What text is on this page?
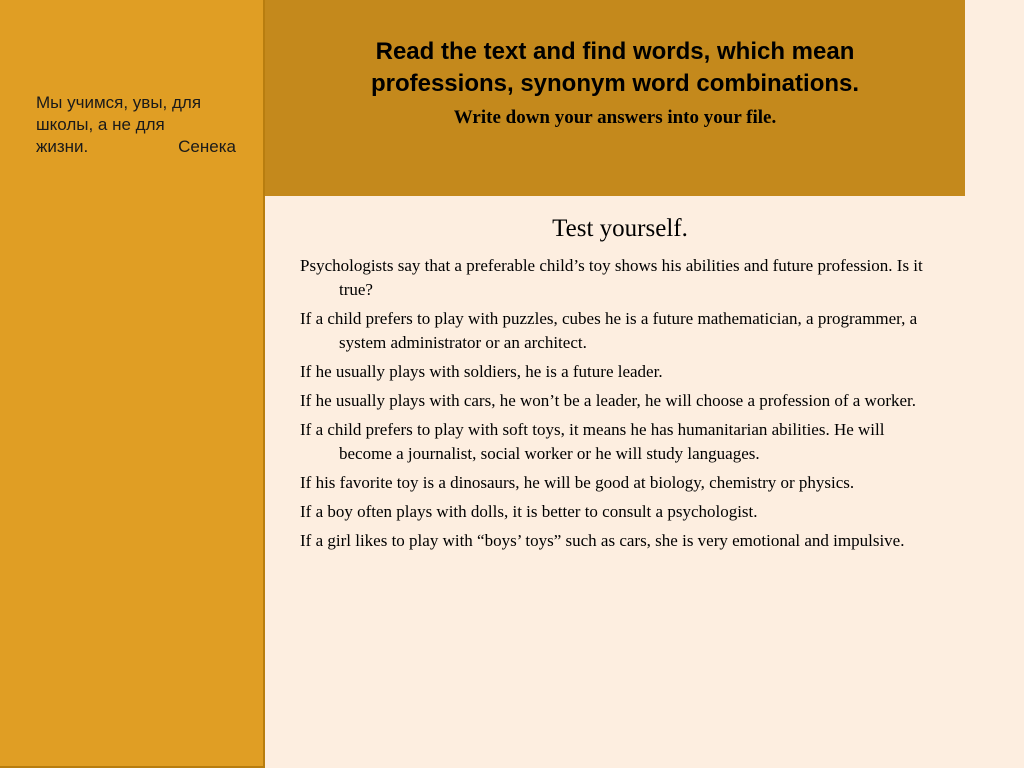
Мы учимся, увы, для
школы, а не для
жизни.	Сенека

Read the text and find words, which mean
professions, synonym word combinations.

Write down your answers into your file.

Test yourself.

Psychologists say that a preferable child’s toy shows his abilities and future profession. Is it true?

If a child prefers to play with puzzles, cubes he is a future mathematician, a programmer, a system administrator or an architect.

If he usually plays with soldiers, he is a future leader.

If he usually plays with cars, he won’t be a leader, he will choose a profession of a worker.

If a child prefers to play with soft toys, it means he has humanitarian abilities. He will become a journalist, social worker or he will study languages.

If his favorite toy is a dinosaurs, he will be good at biology, chemistry or physics.

If a boy often plays with dolls, it is better to consult a psychologist.

If a girl likes to play with “boys’ toys” such as cars, she is very emotional and impulsive.
